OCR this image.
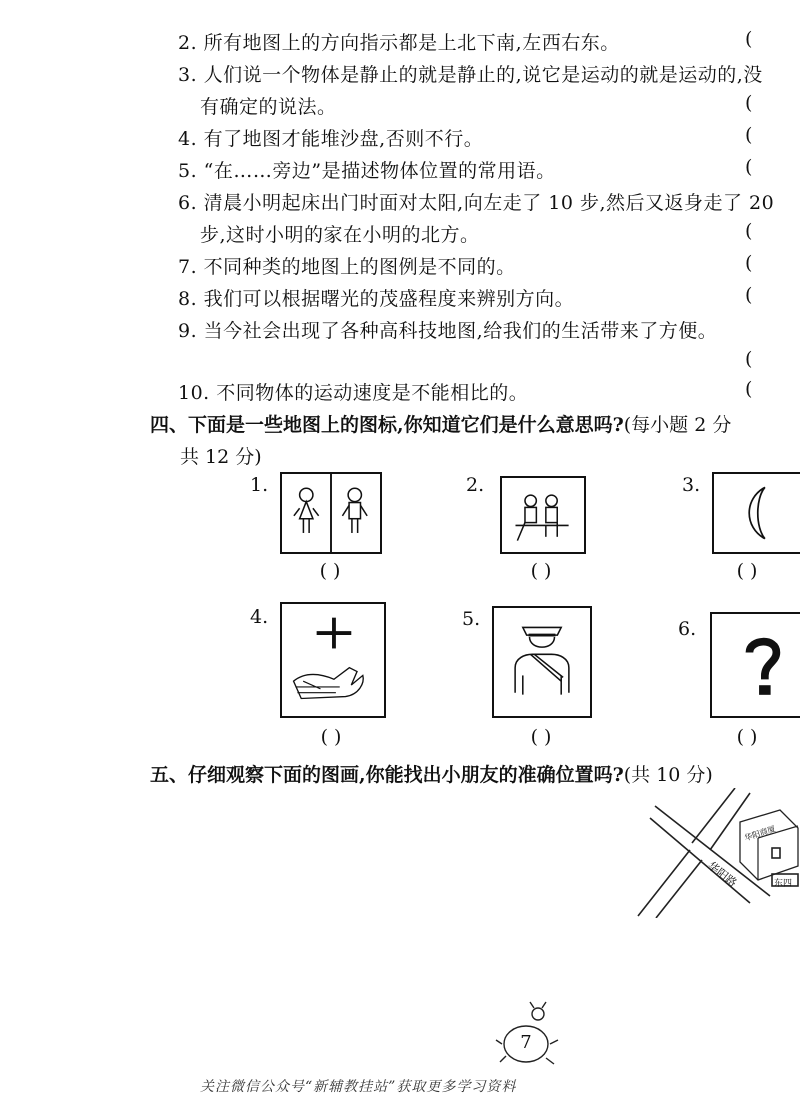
2. 所有地图上的方向指示都是上北下南,左西右东。	(
3. 人们说一个物体是静止的就是静止的,说它是运动的就是运动的,没
有确定的说法。	(
4. 有了地图才能堆沙盘,否则不行。	(
5. “在……旁边”是描述物体位置的常用语。	(
6. 清晨小明起床出门时面对太阳,向左走了 10 步,然后又返身走了 20
步,这时小明的家在小明的北方。	(
7. 不同种类的地图上的图例是不同的。	(
8. 我们可以根据曙光的茂盛程度来辨别方向。	(
9. 当今社会出现了各种高科技地图,给我们的生活带来了方便。
(
10. 不同物体的运动速度是不能相比的。	(
四、下面是一些地图上的图标,你知道它们是什么意思吗?(每小题 2 分
共 12 分)
1.
( )
2.
( )
3.
( )
4.
( )
5.
( )
6.
( )
五、仔细观察下面的图画,你能找出小朋友的准确位置吗?(共 10 分)
华阳商厦
华阳路	东四
7
关注微信公众号“新辅教挂站”获取更多学习资料
